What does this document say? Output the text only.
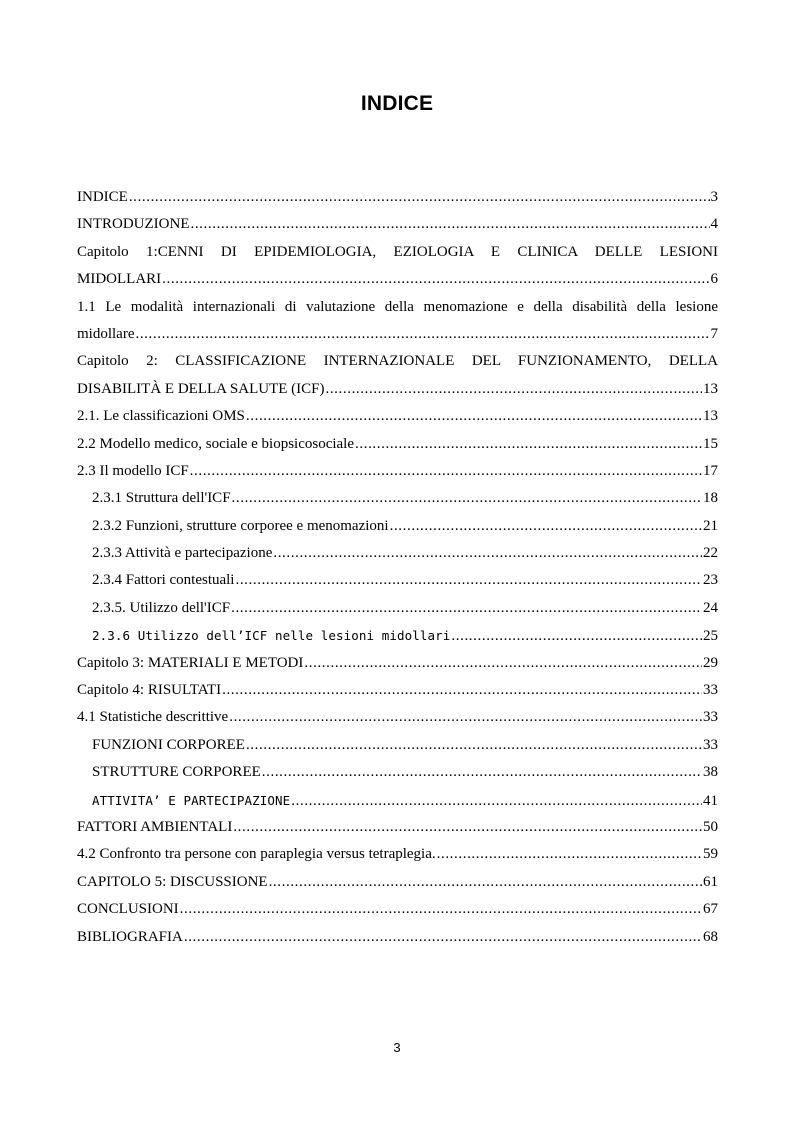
INDICE
INDICE .....	3
INTRODUZIONE .....	4
Capitolo 1:CENNI DI EPIDEMIOLOGIA, EZIOLOGIA E CLINICA DELLE LESIONI
MIDOLLARI .....	6
1.1 Le modalità internazionali di valutazione della menomazione e della disabilità della lesione
midollare .....	7
Capitolo 2: CLASSIFICAZIONE INTERNAZIONALE DEL FUNZIONAMENTO, DELLA
DISABILITÀ E DELLA SALUTE (ICF) .....	13
2.1. Le classificazioni OMS .....	13
2.2 Modello medico, sociale e biopsicosociale .....	15
2.3 Il modello ICF .....	17
2.3.1 Struttura dell'ICF .....	18
2.3.2 Funzioni, strutture corporee e menomazioni .....	21
2.3.3 Attività e partecipazione .....	22
2.3.4 Fattori contestuali .....	23
2.3.5. Utilizzo dell'ICF .....	24
2.3.6 Utilizzo dell’ICF nelle lesioni midollari .....	25
Capitolo 3: MATERIALI E METODI .....	29
Capitolo 4: RISULTATI .....	33
4.1 Statistiche descrittive .....	33
FUNZIONI CORPOREE .....	33
STRUTTURE CORPOREE .....	38
ATTIVITA’ E PARTECIPAZIONE .....	41
FATTORI AMBIENTALI .....	50
4.2 Confronto tra persone con paraplegia versus tetraplegia. .....	59
CAPITOLO 5: DISCUSSIONE .....	61
CONCLUSIONI .....	67
BIBLIOGRAFIA .....	68
3
